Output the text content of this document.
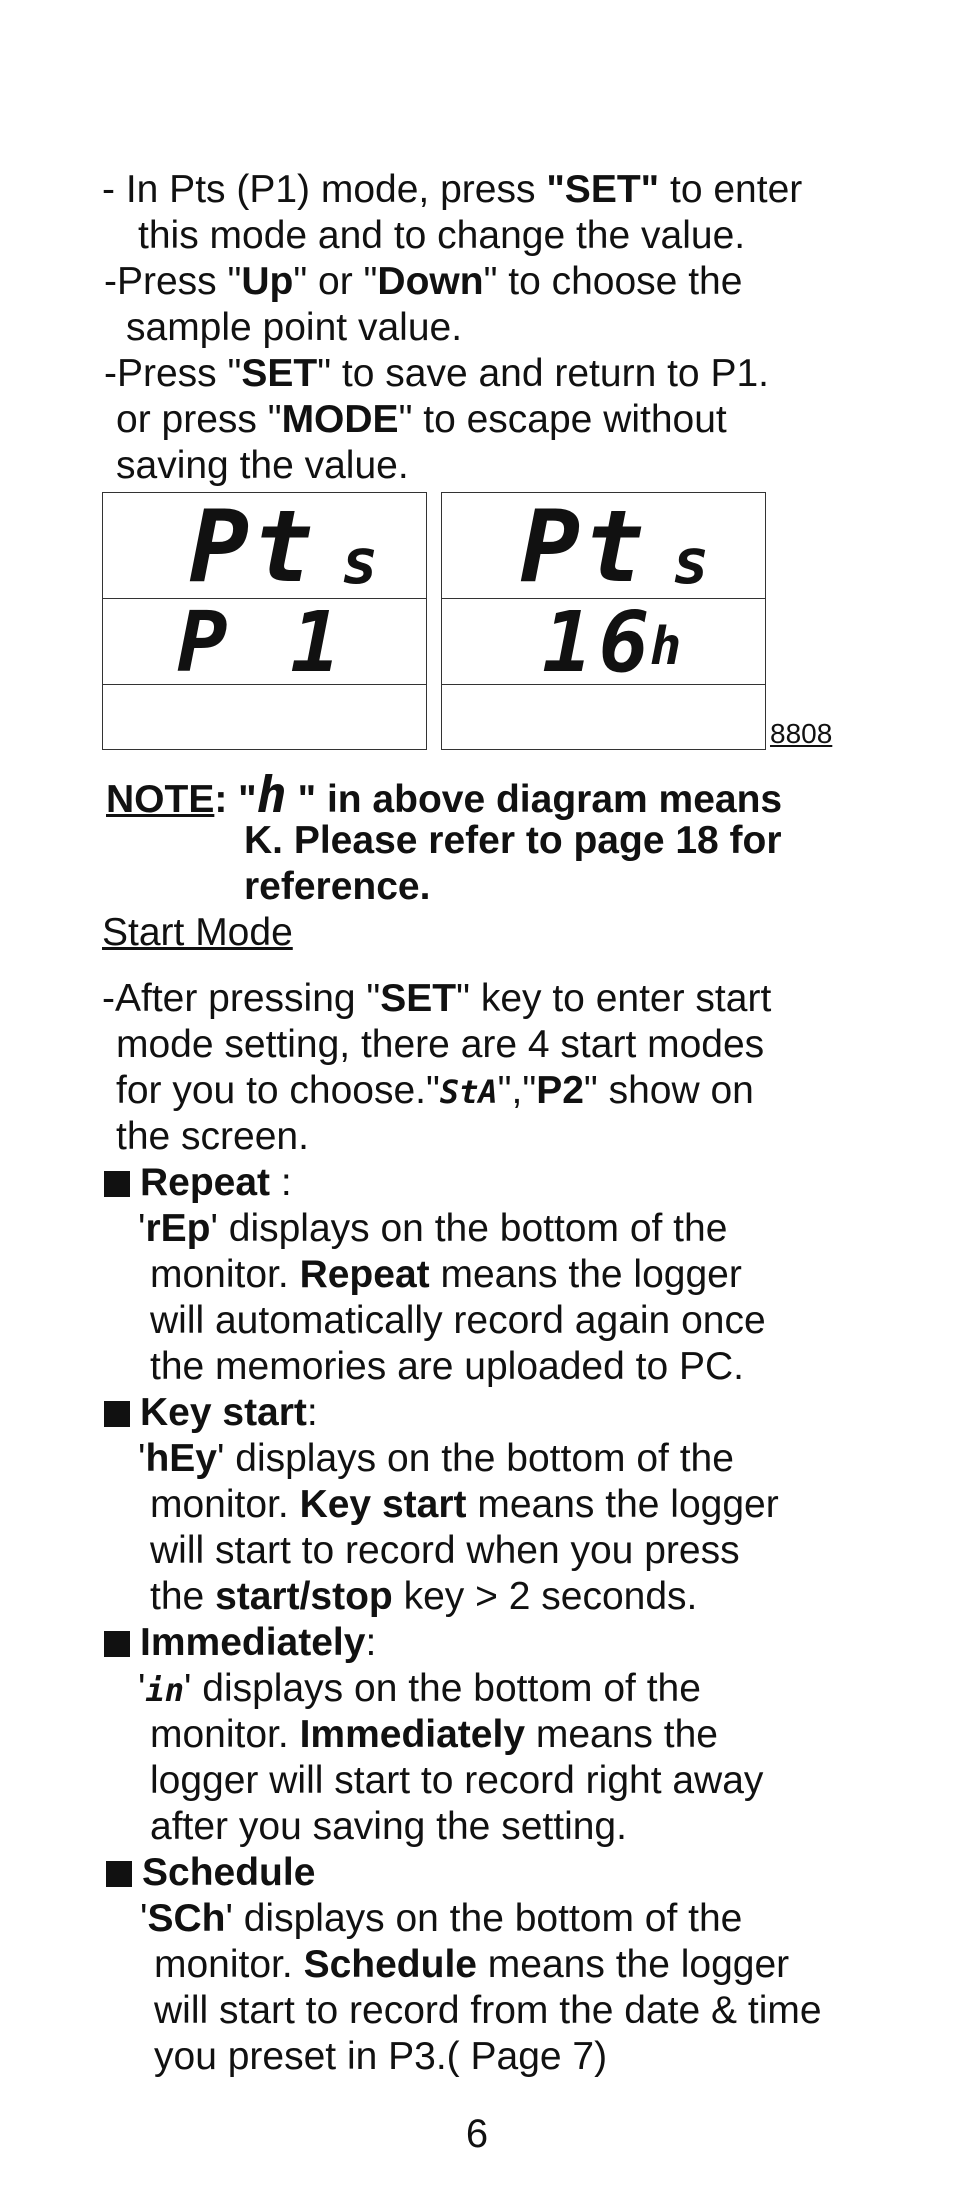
- In Pts (P1) mode, press "SET" to enter
this mode and to change the value.
-Press "Up" or "Down" to choose the
sample point value.
-Press "SET" to save and return to P1.
or press "MODE" to escape without
saving the value.
Pt s
P 1
Pt s
16
h
8808
NOTE: "h " in above diagram means
K. Please refer to page 18 for
reference.
Start Mode
-After pressing "SET" key to enter start
mode setting, there are 4 start modes
for you to choose."StA","P2" show on
the screen.
Repeat :
'rEp' displays on the bottom of the
monitor. Repeat means the logger
will automatically record again once
the memories are uploaded to PC.
Key start:
'hEy' displays on the bottom of the
monitor. Key start means the logger
will start to record when you press
the start/stop key > 2 seconds.
Immediately:
'in' displays on the bottom of the
monitor. Immediately means the
logger will start to record right away
after you saving the setting.
Schedule
'SCh' displays on the bottom of the
monitor. Schedule means the logger
will start to record from the date & time
you preset in P3.( Page 7)
6
